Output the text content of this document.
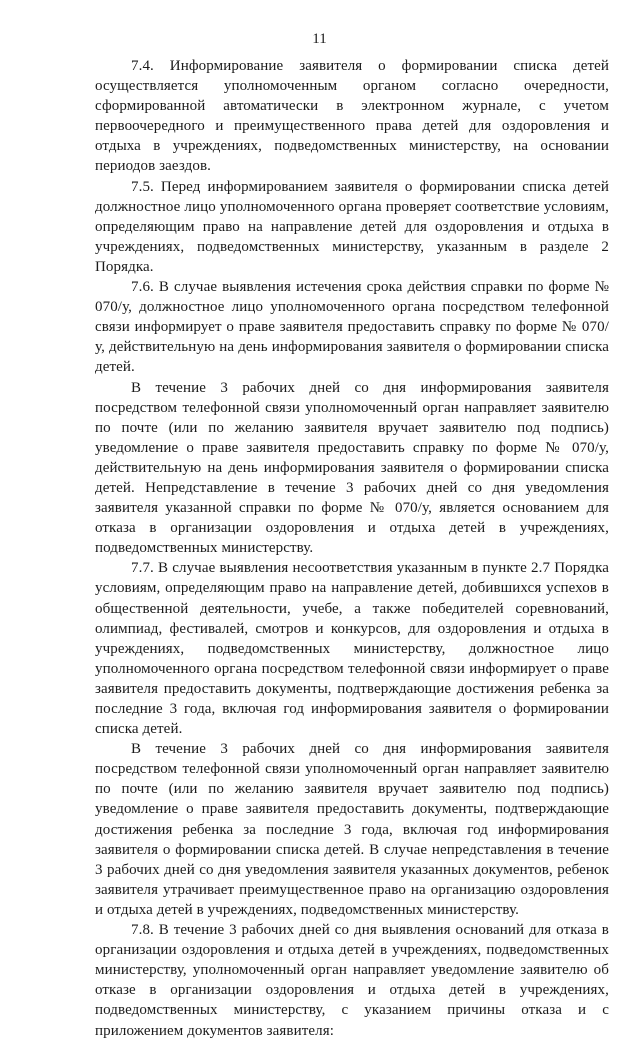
11

7.4. Информирование заявителя о формировании списка детей осуществляется уполномоченным органом согласно очередности, сформированной автоматически в электронном журнале, с учетом первоочередного и преимущественного права детей для оздоровления и отдыха в учреждениях, подведомственных министерству, на основании периодов заездов.

7.5. Перед информированием заявителя о формировании списка детей должностное лицо уполномоченного органа проверяет соответствие условиям, определяющим право на направление детей для оздоровления и отдыха в учреждениях, подведомственных министерству, указанным в разделе 2 Порядка.

7.6. В случае выявления истечения срока действия справки по форме № 070/у, должностное лицо уполномоченного органа посредством телефонной связи информирует о праве заявителя предоставить справку по форме № 070/у, действительную на день информирования заявителя о формировании списка детей.

В течение 3 рабочих дней со дня информирования заявителя посредством телефонной связи уполномоченный орган направляет заявителю по почте (или по желанию заявителя вручает заявителю под подпись) уведомление о праве заявителя предоставить справку по форме № 070/у, действительную на день информирования заявителя о формировании списка детей. Непредставление в течение 3 рабочих дней со дня уведомления заявителя указанной справки по форме № 070/у, является основанием для отказа в организации оздоровления и отдыха детей в учреждениях, подведомственных министерству.

7.7. В случае выявления несоответствия указанным в пункте 2.7 Порядка условиям, определяющим право на направление детей, добившихся успехов в общественной деятельности, учебе, а также победителей соревнований, олимпиад, фестивалей, смотров и конкурсов, для оздоровления и отдыха в учреждениях, подведомственных министерству, должностное лицо уполномоченного органа посредством телефонной связи информирует о праве заявителя предоставить документы, подтверждающие достижения ребенка за последние 3 года, включая год информирования заявителя о формировании списка детей.

В течение 3 рабочих дней со дня информирования заявителя посредством телефонной связи уполномоченный орган направляет заявителю по почте (или по желанию заявителя вручает заявителю под подпись) уведомление о праве заявителя предоставить документы, подтверждающие достижения ребенка за последние 3 года, включая год информирования заявителя о формировании списка детей. В случае непредставления в течение 3 рабочих дней со дня уведомления заявителя указанных документов, ребенок заявителя утрачивает преимущественное право на организацию оздоровления и отдыха детей в учреждениях, подведомственных министерству.

7.8. В течение 3 рабочих дней со дня выявления оснований для отказа в организации оздоровления и отдыха детей в учреждениях, подведомственных министерству, уполномоченный орган направляет уведомление заявителю об отказе в организации оздоровления и отдыха детей в учреждениях, подведомственных министерству, с указанием причины отказа и с приложением документов заявителя:
